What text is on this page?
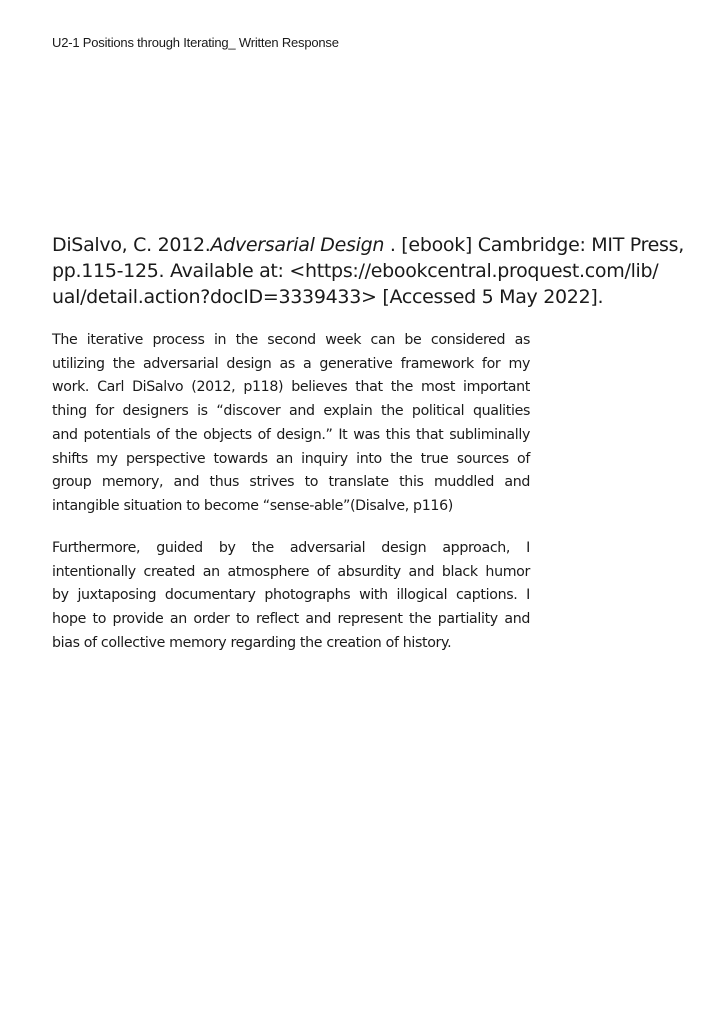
U2-1 Positions through Iterating_ Written Response
DiSalvo, C. 2012.Adversarial Design . [ebook] Cambridge: MIT Press,
pp.115-125. Available at: <https://ebookcentral.proquest.com/lib/
ual/detail.action?docID=3339433> [Accessed 5 May 2022].
The iterative process in the second week can be considered as
utilizing the adversarial design as a generative framework for my
work. Carl DiSalvo (2012, p118) believes that the most important
thing for designers is “discover and explain the political qualities
and potentials of the objects of design.” It was this that subliminally
shifts my perspective towards an inquiry into the true sources of
group memory, and thus strives to translate this muddled and
intangible situation to become “sense-able”(Disalve, p116)
Furthermore, guided by the adversarial design approach, I
intentionally created an atmosphere of absurdity and black humor
by juxtaposing documentary photographs with illogical captions. I
hope to provide an order to reflect and represent the partiality and
bias of collective memory regarding the creation of history.
